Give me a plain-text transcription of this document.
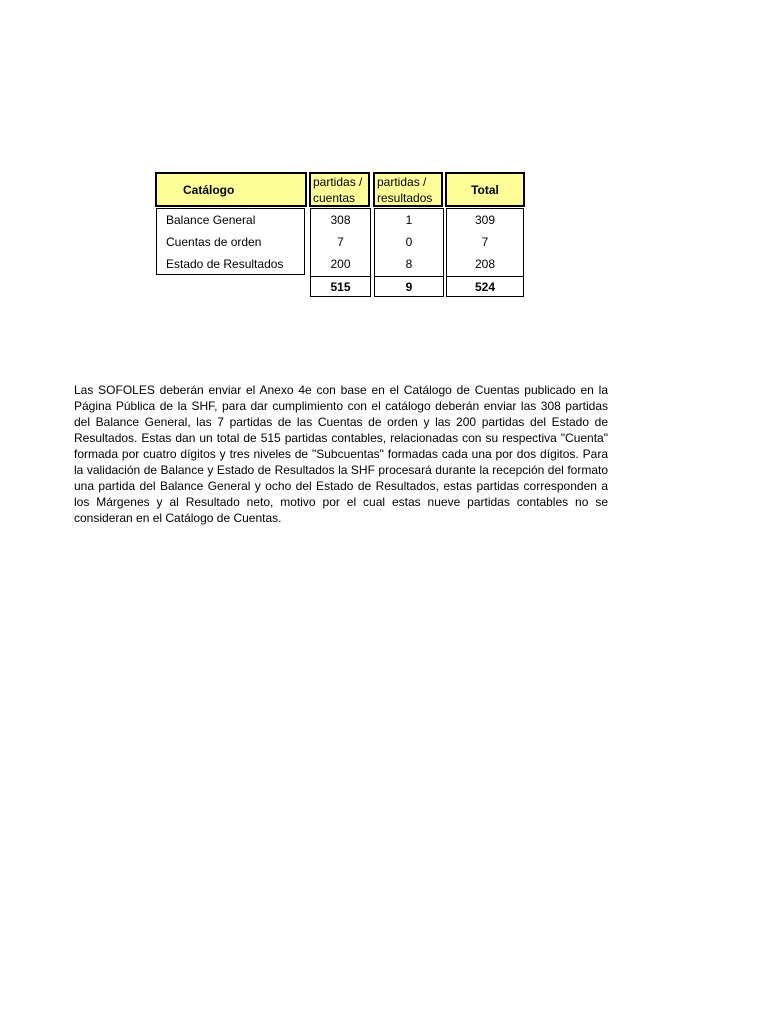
Catálogo
partidas /
cuentas
partidas /
resultados
Total
Balance General
Cuentas de orden
Estado de Resultados
308
7
200
515
1
0
8
9
309
7
208
524

Las SOFOLES deberán enviar el Anexo 4e con base en el Catálogo de Cuentas publicado en la Página Pública de la SHF, para dar cumplimiento con el catálogo deberán enviar las 308 partidas del Balance General, las 7 partidas de las Cuentas de orden y las 200 partidas del Estado de Resultados. Estas dan un total de 515 partidas contables, relacionadas con su respectiva "Cuenta" formada por cuatro dígitos y tres niveles de "Subcuentas" formadas cada una por dos dígitos. Para la validación de Balance y Estado de Resultados la SHF procesará durante la recepción del formato una partida del Balance General y ocho del Estado de Resultados, estas partidas corresponden a los Márgenes y al Resultado neto, motivo por el cual estas nueve partidas contables no se consideran en el Catálogo de Cuentas.
